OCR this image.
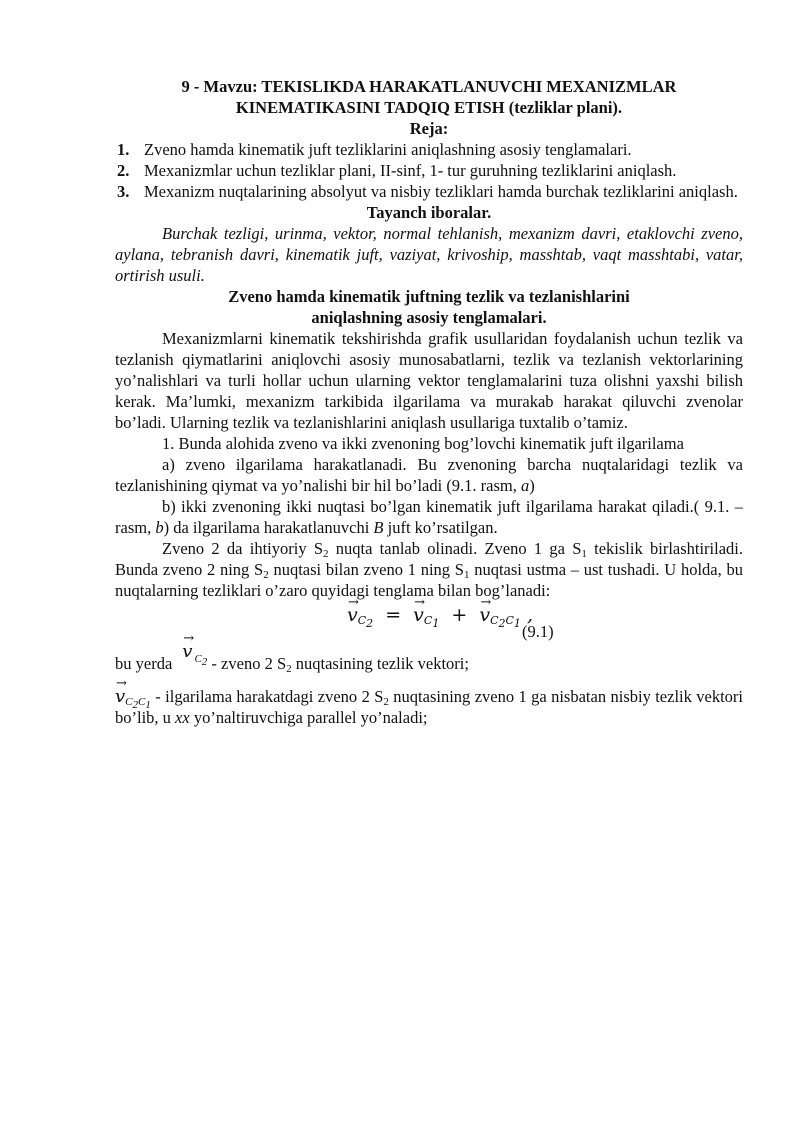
9 - Mavzu: TEKISLIKDA HARAKATLANUVCHI MEXANIZMLAR

KINEMATIKASINI TADQIQ ETISH (tezliklar plani).

Reja:

1. Zveno hamda kinematik juft tezliklarini aniqlashning asosiy tenglamalari.
2. Mexanizmlar uchun tezliklar plani, II-sinf, 1- tur guruhning tezliklarini aniqlash.
3. Mexanizm nuqtalarining absolyut va nisbiy tezliklari hamda burchak tezliklarini aniqlash.

Tayanch iboralar.

Burchak tezligi, urinma, vektor, normal tehlanish, mexanizm davri, etaklovchi zveno, aylana, tebranish davri, kinematik juft, vaziyat, krivoship, masshtab, vaqt masshtabi, vatar, ortirish usuli.

Zveno hamda kinematik juftning tezlik va tezlanishlarini

aniqlashning asosiy tenglamalari.

Mexanizmlarni kinematik tekshirishda grafik usullaridan foydalanish uchun tezlik va tezlanish qiymatlarini aniqlovchi asosiy munosabatlarni, tezlik va tezlanish vektorlarining yo’nalishlari va turli hollar uchun ularning vektor tenglamalarini tuza olishni yaxshi bilish kerak. Ma’lumki, mexanizm tarkibida ilgarilama va murakab harakat qiluvchi zvenolar bo’ladi. Ularning tezlik va tezlanishlarini aniqlash usullariga tuxtalib o’tamiz.

1. Bunda alohida zveno va ikki zvenoning bog’lovchi kinematik juft ilgarilama

a) zveno ilgarilama harakatlanadi. Bu zvenoning barcha nuqtalaridagi tezlik va tezlanishining qiymat va yo’nalishi bir hil bo’ladi (9.1. rasm, a)

b) ikki zvenoning ikki nuqtasi bo’lgan kinematik juft ilgarilama harakat qiladi.( 9.1. – rasm, b) da ilgarilama harakatlanuvchi B juft ko’rsatilgan.

Zveno 2 da ihtiyoriy $S_2$ nuqta tanlab olinadi. Zveno 1 ga $S_1$ tekislik birlashtiriladi. Bunda zveno 2 ning $S_2$ nuqtasi bilan zveno 1 ning $S_1$ nuqtasi ustma – ust tushadi. U holda, bu nuqtalarning tezliklari o’zaro quyidagi tenglama bilan bog’lanadi:

→ $v_{C_2}$ = → $v_{C_1}$ + → $v_{C_2C_1}$ ,
(9.1)

bu yerda→ v $_{C_2}$ - zveno 2 $S_2$ nuqtasining tezlik vektori;

→ $v_{C_2C_1}$ - ilgarilama harakatdagi zveno 2 $S_2$ nuqtasining zveno 1 ga nisbatan nisbiy tezlik vektori bo’lib, u xx yo’naltiruvchiga parallel yo’naladi;
